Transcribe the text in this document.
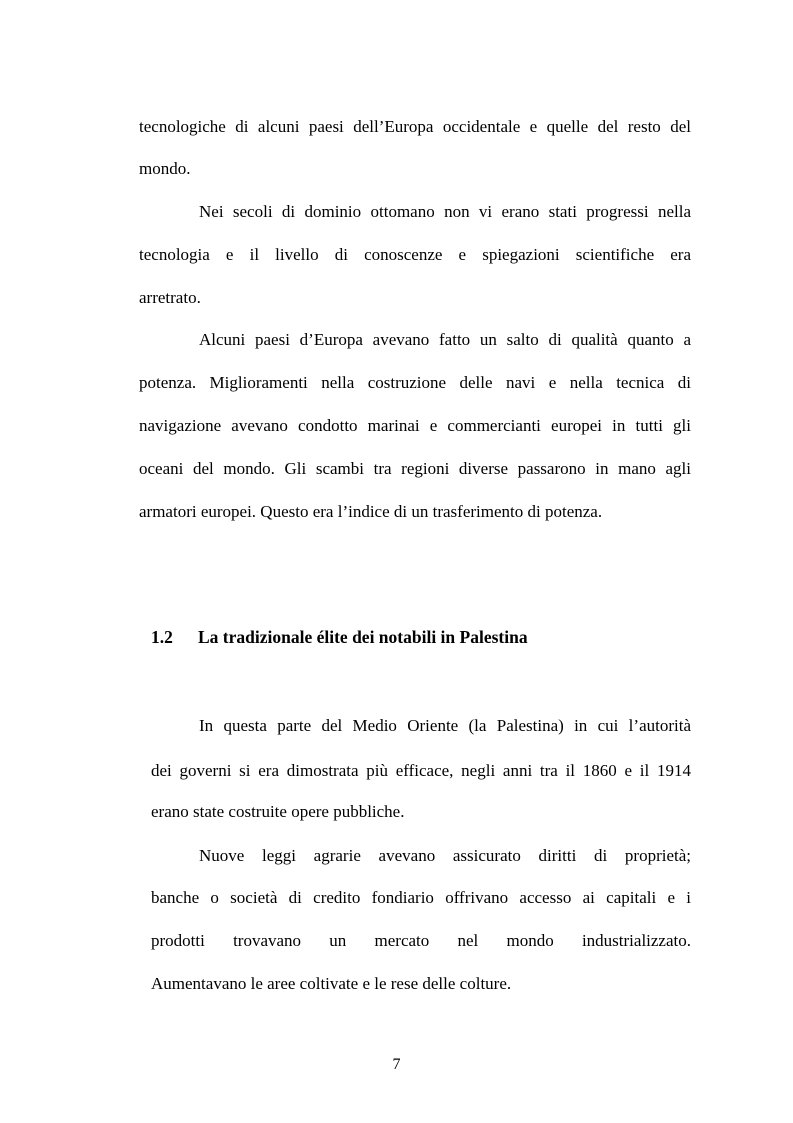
tecnologiche di alcuni paesi dell’Europa occidentale e quelle del resto del
mondo.
Nei secoli di dominio ottomano non vi erano stati progressi nella
tecnologia e il livello di conoscenze e spiegazioni scientifiche era
arretrato.
Alcuni paesi d’Europa avevano fatto un salto di qualità quanto a
potenza. Miglioramenti nella costruzione delle navi e nella tecnica di
navigazione avevano condotto marinai e commercianti europei in tutti gli
oceani del mondo. Gli scambi tra regioni diverse passarono in mano agli
armatori europei. Questo era l’indice di un trasferimento di potenza.
1.2 La tradizionale élite dei notabili in Palestina
In questa parte del Medio Oriente (la Palestina) in cui l’autorità
dei governi si era dimostrata più efficace, negli anni tra il 1860 e il 1914
erano state costruite opere pubbliche.
Nuove leggi agrarie avevano assicurato diritti di proprietà;
banche o società di credito fondiario offrivano accesso ai capitali e i
prodotti trovavano un mercato nel mondo industrializzato.
Aumentavano le aree coltivate e le rese delle colture.
7
